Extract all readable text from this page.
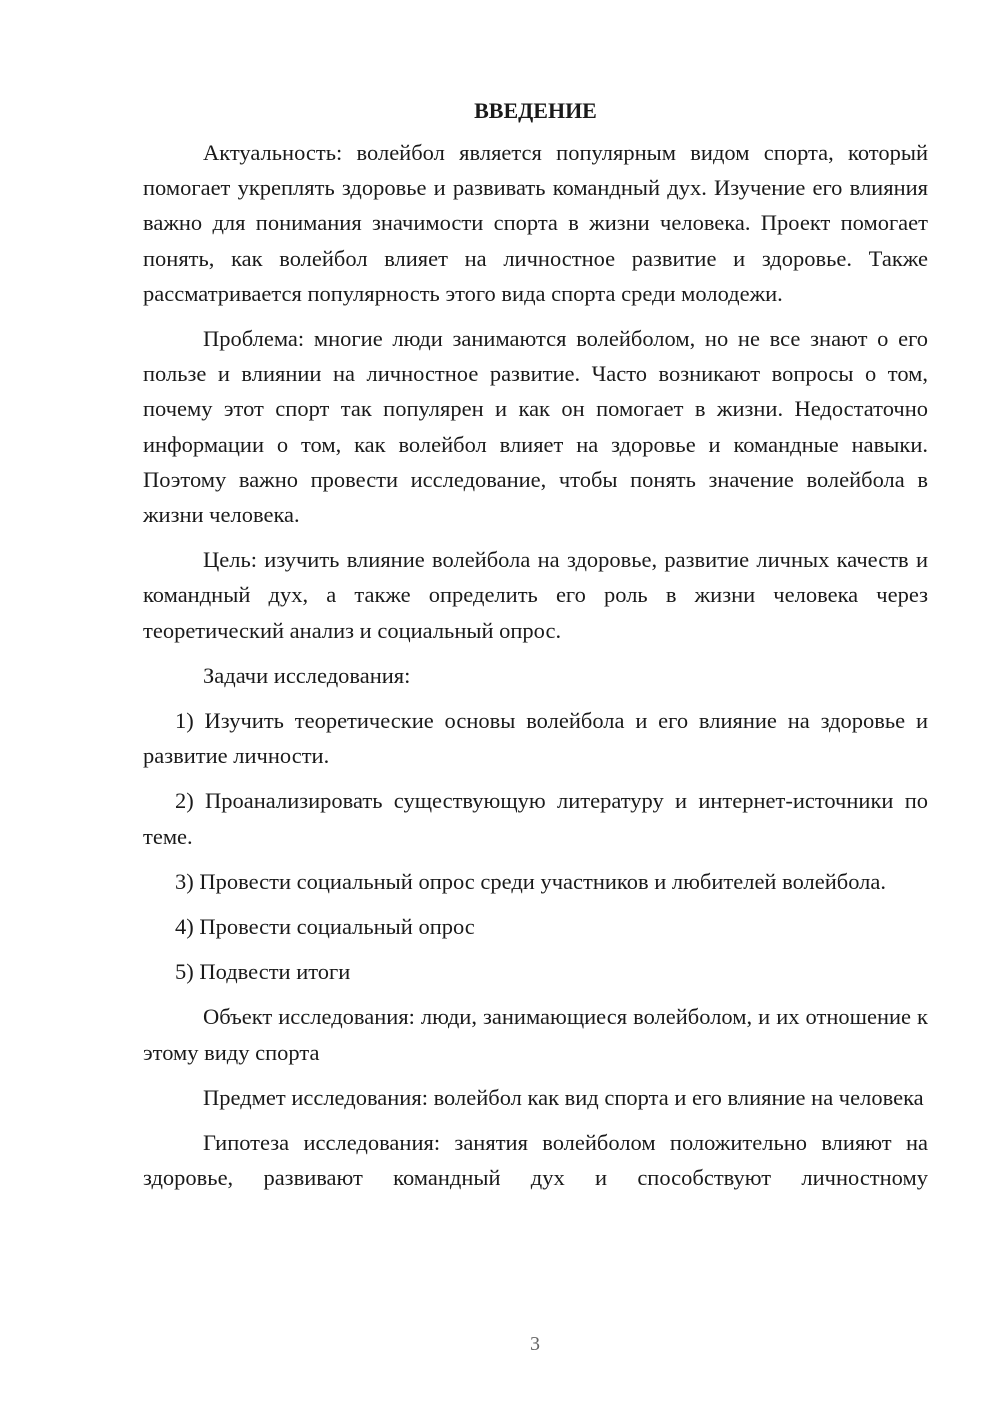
ВВЕДЕНИЕ

Актуальность: волейбол является популярным видом спорта, который помогает укреплять здоровье и развивать командный дух. Изучение его влияния важно для понимания значимости спорта в жизни человека. Проект помогает понять, как волейбол влияет на личностное развитие и здоровье. Также рассматривается популярность этого вида спорта среди молодежи.

Проблема: многие люди занимаются волейболом, но не все знают о его пользе и влиянии на личностное развитие. Часто возникают вопросы о том, почему этот спорт так популярен и как он помогает в жизни. Недостаточно информации о том, как волейбол влияет на здоровье и командные навыки. Поэтому важно провести исследование, чтобы понять значение волейбола в жизни человека.

Цель: изучить влияние волейбола на здоровье, развитие личных качеств и командный дух, а также определить его роль в жизни человека через теоретический анализ и социальный опрос.

Задачи исследования:

1) Изучить теоретические основы волейбола и его влияние на здоровье и развитие личности.

2) Проанализировать существующую литературу и интернет-источники по теме.

3) Провести социальный опрос среди участников и любителей волейбола.

4) Провести социальный опрос

5) Подвести итоги

Объект исследования: люди, занимающиеся волейболом, и их отношение к этому виду спорта

Предмет исследования: волейбол как вид спорта и его влияние на человека

Гипотеза исследования: занятия волейболом положительно влияют на здоровье, развивают командный дух и способствуют личностному

3
